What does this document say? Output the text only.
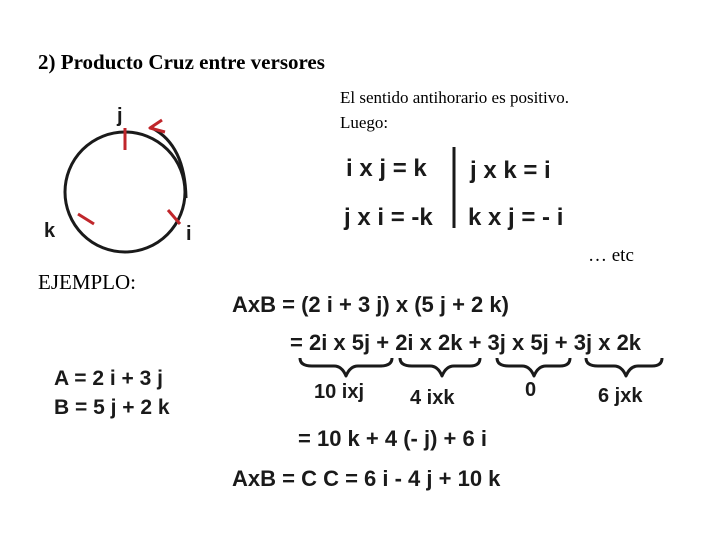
2) Producto Cruz entre versores
El sentido antihorario es positivo.
Luego:
… etc
EJEMPLO:
j
k	i
i x j = k j x k = i
j x i = -k k x j = - i
A = 2 i + 3 j
B = 5 j + 2 k
AxB = (2 i + 3 j) x (5 j + 2 k)
= 2i x 5j + 2i x 2k + 3j x 5j + 3j x 2k
10 ixj 4 ixk	0	6 jxk
= 10 k + 4 (- j) + 6 i
AxB = C C = 6 i - 4 j + 10 k
